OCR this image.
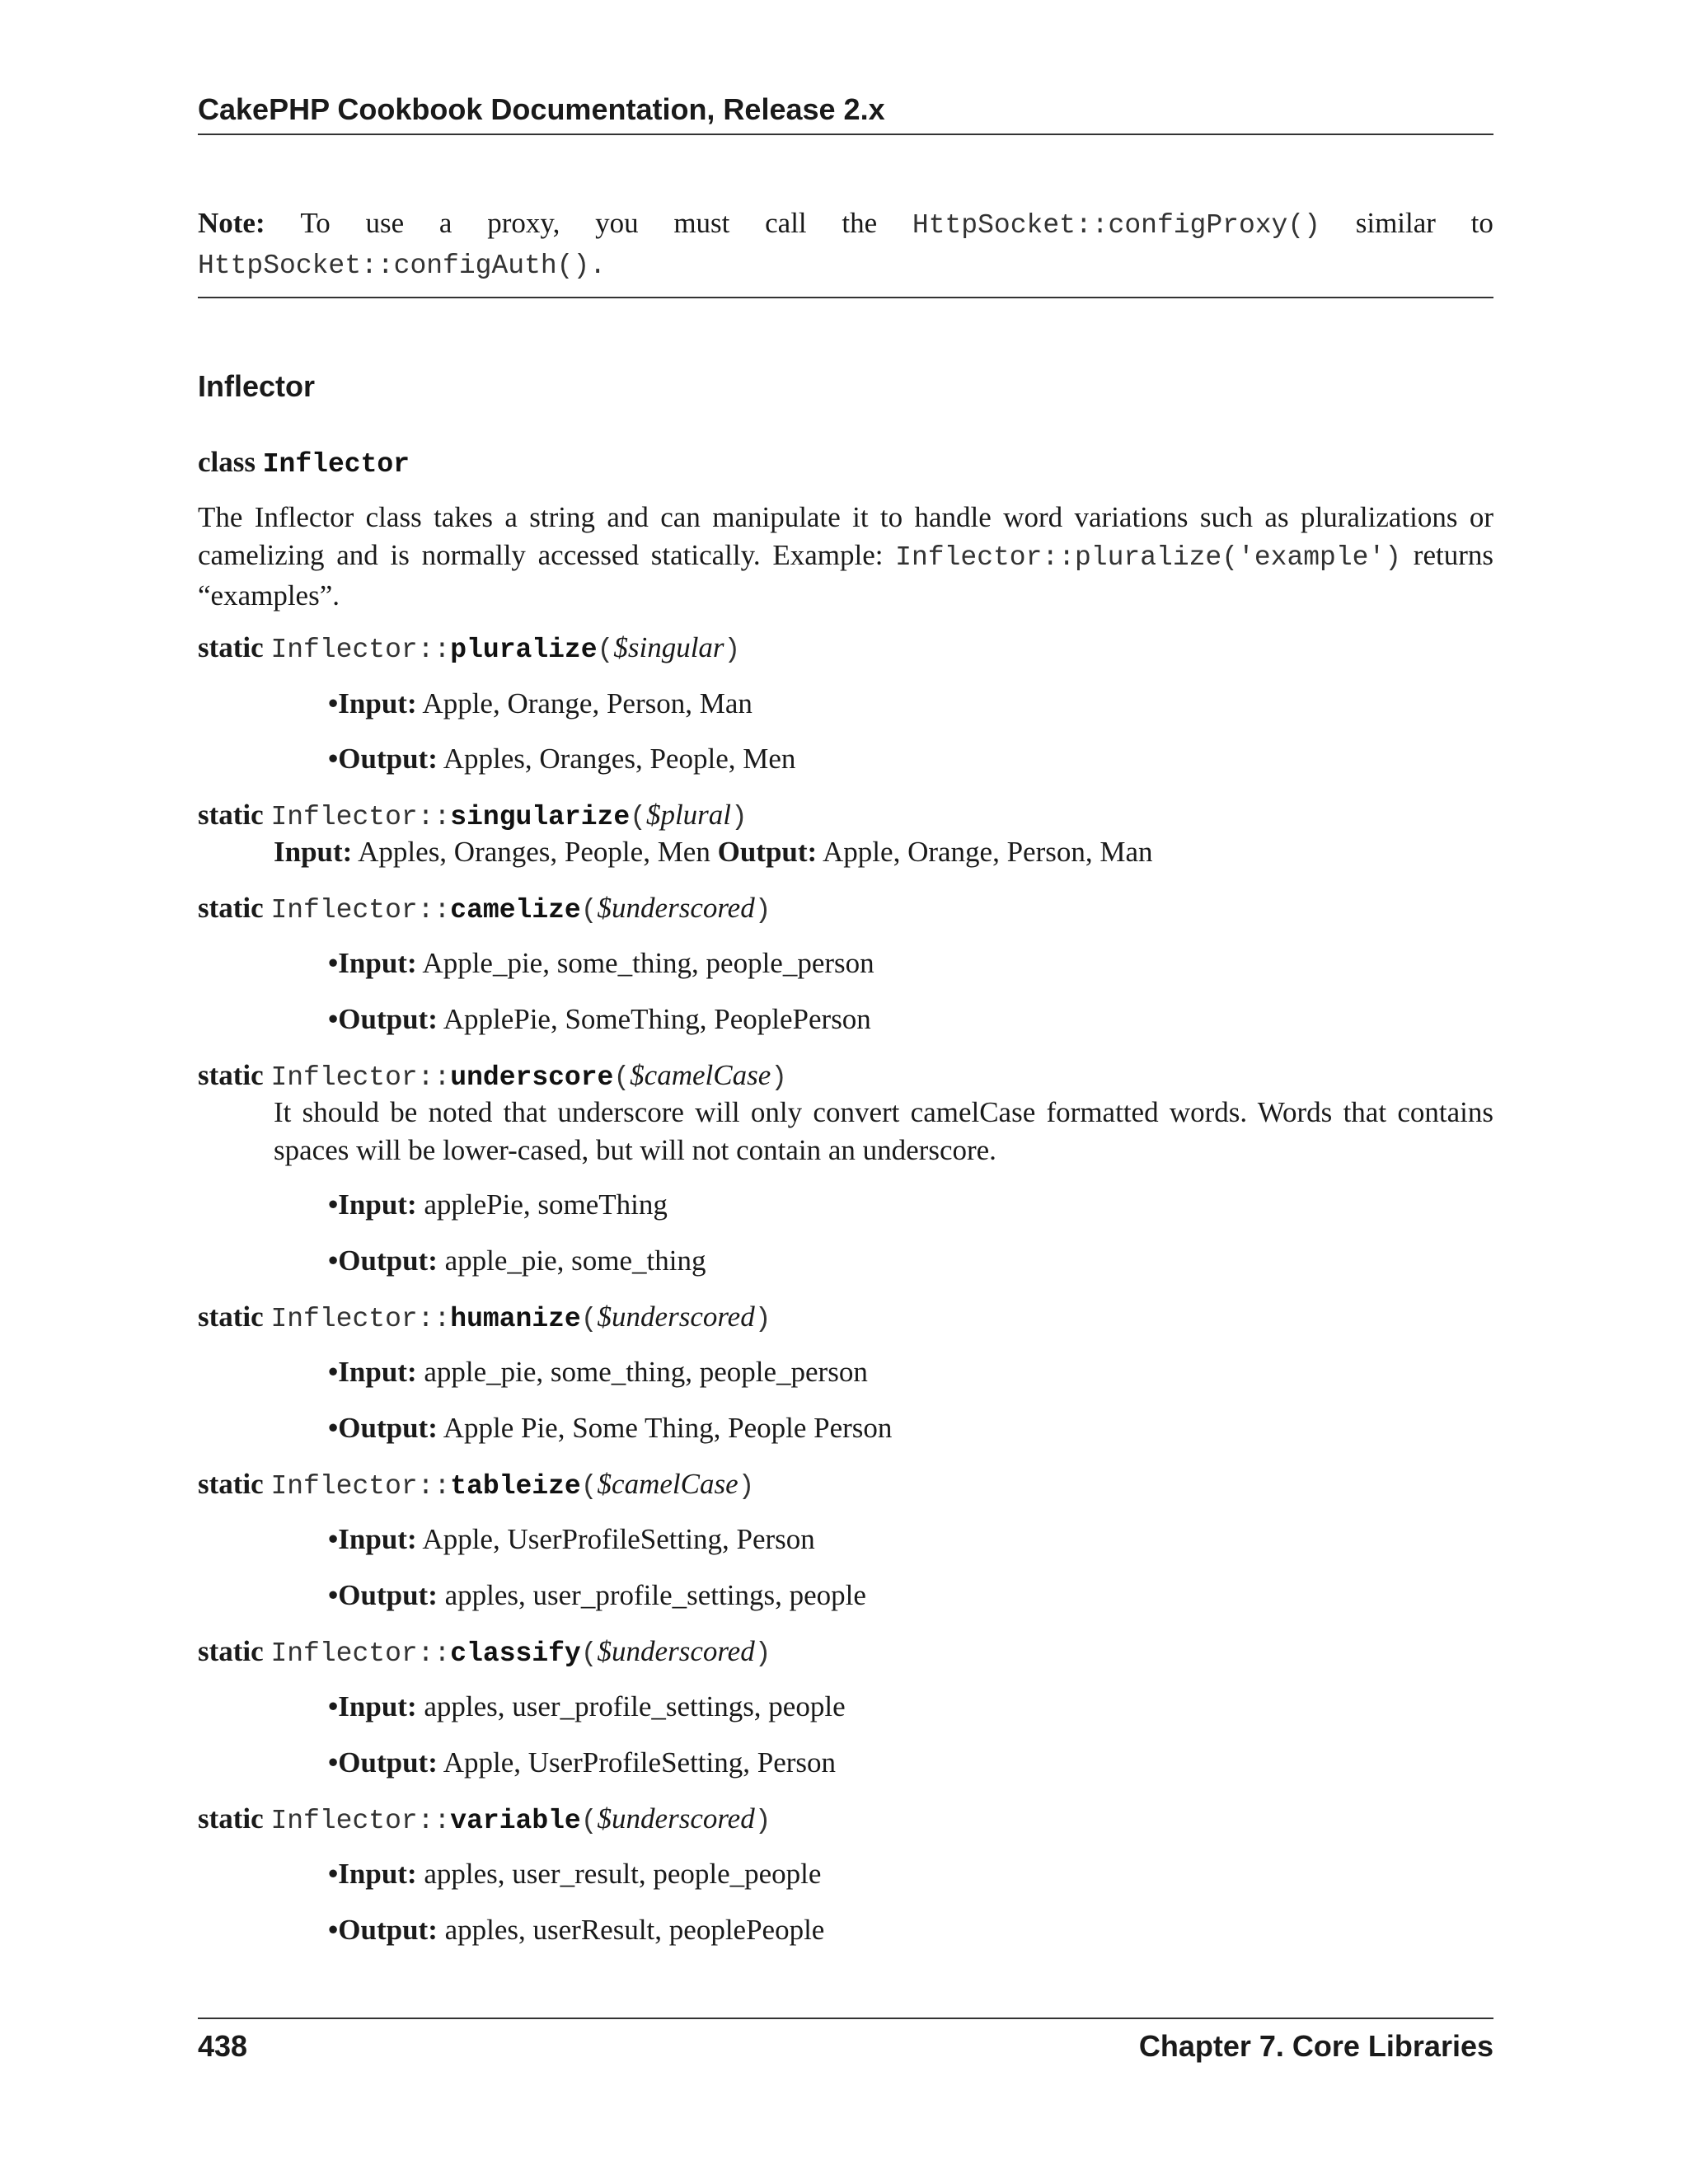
CakePHP Cookbook Documentation, Release 2.x
Note: To use a proxy, you must call the HttpSocket::configProxy() similar to
HttpSocket::configAuth().
Inflector
class Inflector
The Inflector class takes a string and can manipulate it to handle word variations such as pluralizations or camelizing and is normally accessed statically. Example: Inflector::pluralize('example') returns “examples”.
static Inflector::pluralize($singular)
•Input: Apple, Orange, Person, Man
•Output: Apples, Oranges, People, Men
static Inflector::singularize($plural)
Input: Apples, Oranges, People, Men Output: Apple, Orange, Person, Man
static Inflector::camelize($underscored)
•Input: Apple_pie, some_thing, people_person
•Output: ApplePie, SomeThing, PeoplePerson
static Inflector::underscore($camelCase)
It should be noted that underscore will only convert camelCase formatted words. Words that contains spaces will be lower-cased, but will not contain an underscore.
•Input: applePie, someThing
•Output: apple_pie, some_thing
static Inflector::humanize($underscored)
•Input: apple_pie, some_thing, people_person
•Output: Apple Pie, Some Thing, People Person
static Inflector::tableize($camelCase)
•Input: Apple, UserProfileSetting, Person
•Output: apples, user_profile_settings, people
static Inflector::classify($underscored)
•Input: apples, user_profile_settings, people
•Output: Apple, UserProfileSetting, Person
static Inflector::variable($underscored)
•Input: apples, user_result, people_people
•Output: apples, userResult, peoplePeople
438	Chapter 7. Core Libraries
